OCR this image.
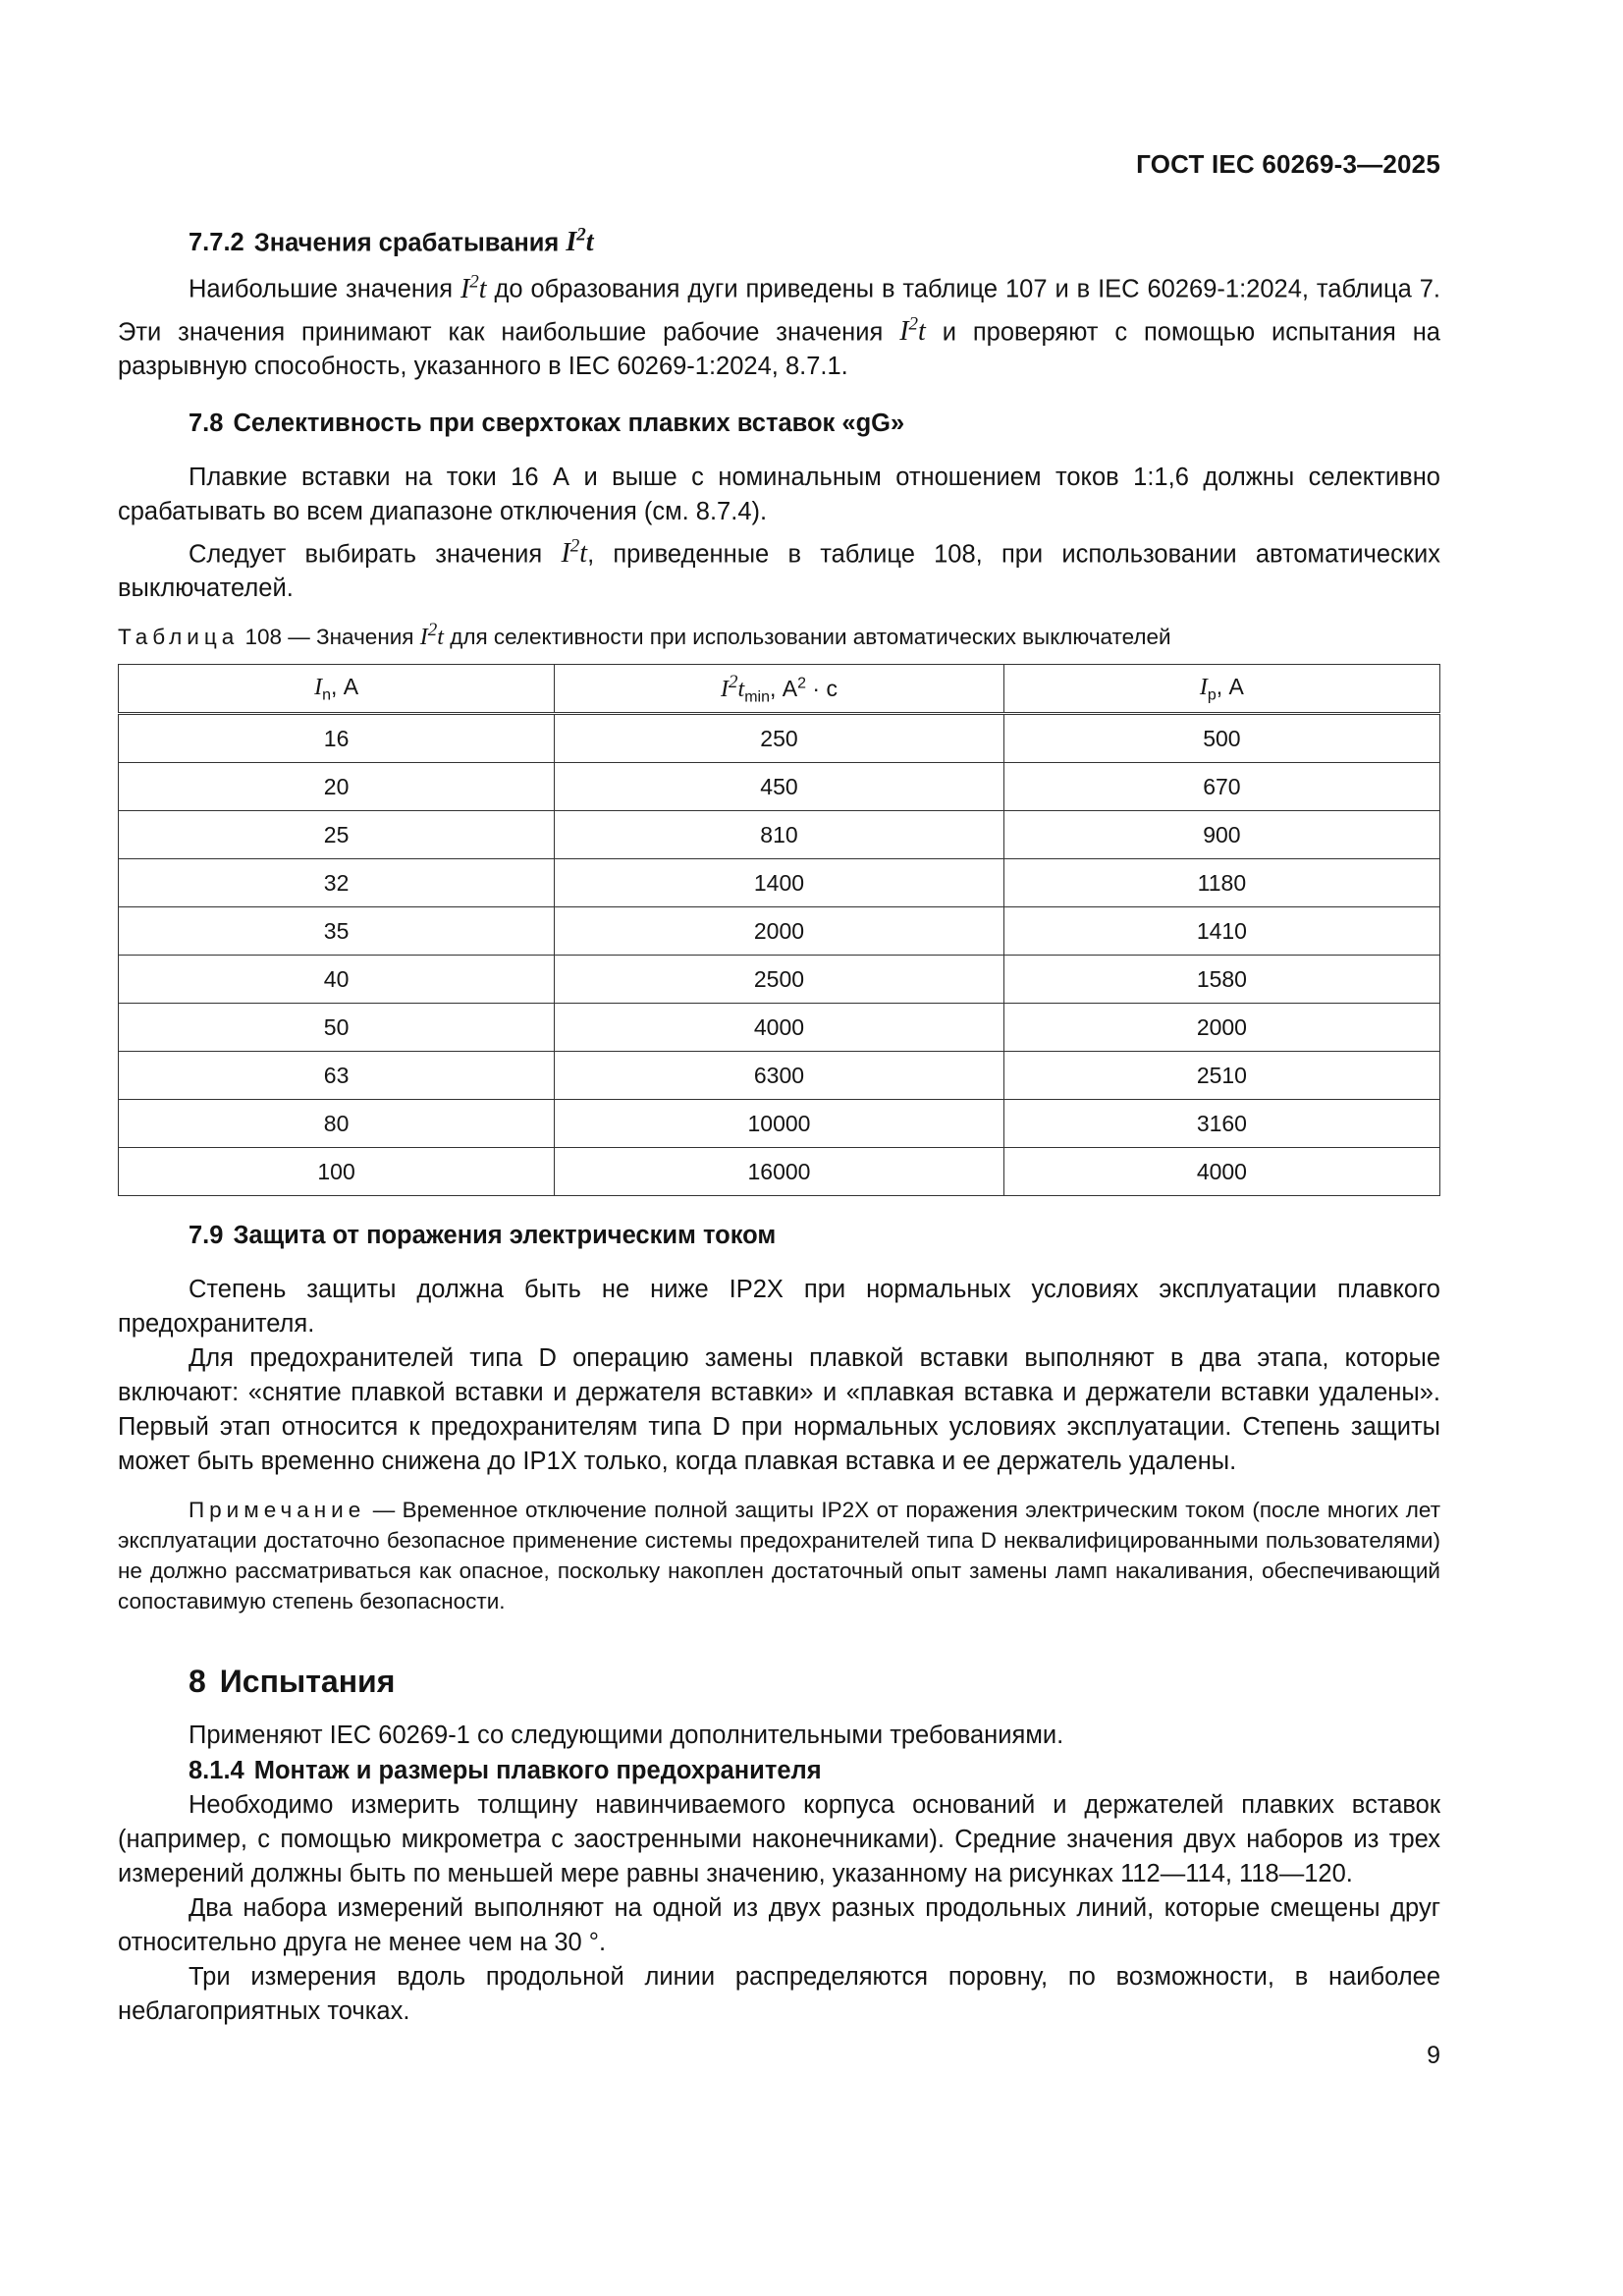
ГОСТ IEC 60269-3—2025
7.7.2 Значения срабатывания $I^2t$

Наибольшие значения $I^2t$ до образования дуги приведены в таблице 107 и в IEC 60269-1:2024, таблица 7. Эти значения принимают как наибольшие рабочие значения $I^2t$ и проверяют с помощью испытания на разрывную способность, указанного в IEC 60269-1:2024, 8.7.1.

7.8 Селективность при сверхтоках плавких вставок «gG»

Плавкие вставки на токи 16 А и выше с номинальным отношением токов 1:1,6 должны селективно срабатывать во всем диапазоне отключения (см. 8.7.4).

Следует выбирать значения $I^2t$, приведенные в таблице 108, при использовании автоматических выключателей.

Таблица 108 — Значения $I^2t$ для селективности при использовании автоматических выключателей
$I_n$, А	$I^2t_{min}$, $А^2 \cdot с$	$I_p$, А
16	250	500
20	450	670
25	810	900
32	1400	1180
35	2000	1410
40	2500	1580
50	4000	2000
63	6300	2510
80	10000	3160
100	16000	4000
7.9 Защита от поражения электрическим током

Степень защиты должна быть не ниже IP2X при нормальных условиях эксплуатации плавкого предохранителя.

Для предохранителей типа D операцию замены плавкой вставки выполняют в два этапа, которые включают: «снятие плавкой вставки и держателя вставки» и «плавкая вставка и держатели вставки удалены». Первый этап относится к предохранителям типа D при нормальных условиях эксплуатации. Степень защиты может быть временно снижена до IP1X только, когда плавкая вставка и ее держатель удалены.

Примечание — Временное отключение полной защиты IP2X от поражения электрическим током (после многих лет эксплуатации достаточно безопасное применение системы предохранителей типа D неквалифицированными пользователями) не должно рассматриваться как опасное, поскольку накоплен достаточный опыт замены ламп накаливания, обеспечивающий сопоставимую степень безопасности.

8 Испытания

Применяют IEC 60269-1 со следующими дополнительными требованиями.

8.1.4 Монтаж и размеры плавкого предохранителя

Необходимо измерить толщину навинчиваемого корпуса оснований и держателей плавких вставок (например, с помощью микрометра с заостренными наконечниками). Средние значения двух наборов из трех измерений должны быть по меньшей мере равны значению, указанному на рисунках 112—114, 118—120.

Два набора измерений выполняют на одной из двух разных продольных линий, которые смещены друг относительно друга не менее чем на 30 °.

Три измерения вдоль продольной линии распределяются поровну, по возможности, в наиболее неблагоприятных точках.

9
